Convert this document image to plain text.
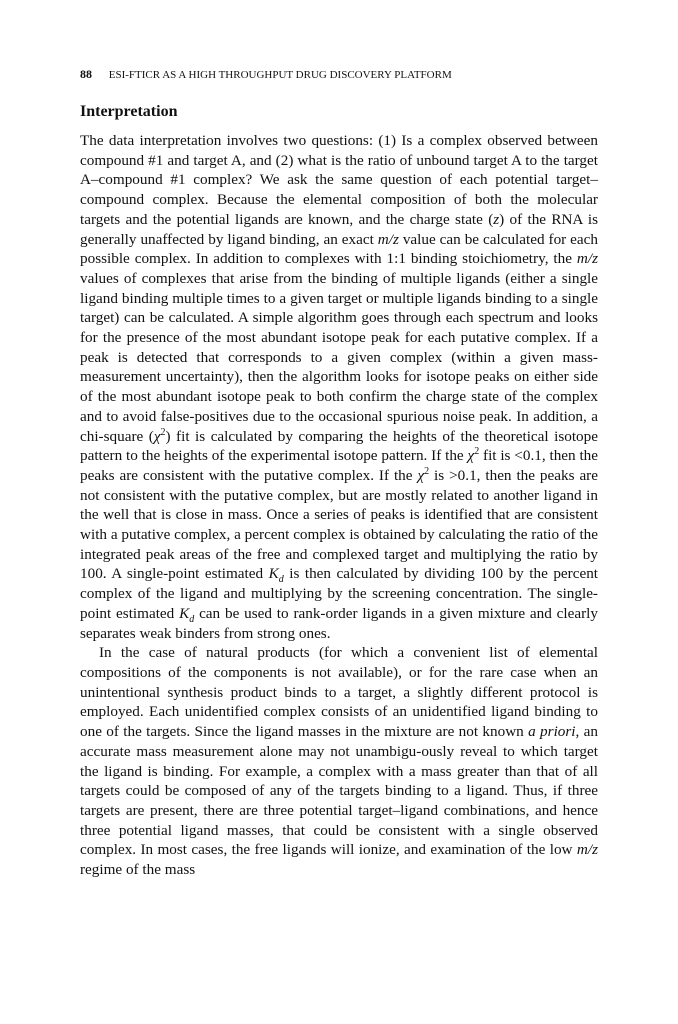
88 ESI-FTICR AS A HIGH THROUGHPUT DRUG DISCOVERY PLATFORM
Interpretation

The data interpretation involves two questions: (1) Is a complex observed between compound #1 and target A, and (2) what is the ratio of unbound target A to the target A–compound #1 complex? We ask the same question of each potential target–compound complex. Because the elemental composition of both the molecular targets and the potential ligands are known, and the charge state (z) of the RNA is generally unaffected by ligand binding, an exact m/z value can be calculated for each possible complex. In addition to complexes with 1:1 binding stoichiometry, the m/z values of complexes that arise from the binding of multiple ligands (either a single ligand binding multiple times to a given target or multiple ligands binding to a single target) can be calculated. A simple algorithm goes through each spectrum and looks for the presence of the most abundant isotope peak for each putative complex. If a peak is detected that corresponds to a given complex (within a given mass-measurement uncertainty), then the algorithm looks for isotope peaks on either side of the most abundant isotope peak to both confirm the charge state of the complex and to avoid false-positives due to the occasional spurious noise peak. In addition, a chi-square $(\chi^2)$ fit is calculated by comparing the heights of the theoretical isotope pattern to the heights of the experimental isotope pattern. If the $\chi^2$ fit is <0.1, then the peaks are consistent with the putative complex. If the $\chi^2$ is >0.1, then the peaks are not consistent with the putative complex, but are mostly related to another ligand in the well that is close in mass. Once a series of peaks is identified that are consistent with a putative complex, a percent complex is obtained by calculating the ratio of the integrated peak areas of the free and complexed target and multiplying the ratio by 100. A single-point estimated $K_d$ is then calculated by dividing 100 by the percent complex of the ligand and multiplying by the screening concentration. The single-point estimated $K_d$ can be used to rank-order ligands in a given mixture and clearly separates weak binders from strong ones.

In the case of natural products (for which a convenient list of elemental compositions of the components is not available), or for the rare case when an unintentional synthesis product binds to a target, a slightly different protocol is employed. Each unidentified complex consists of an unidentified ligand binding to one of the targets. Since the ligand masses in the mixture are not known a priori, an accurate mass measurement alone may not unambigu-ously reveal to which target the ligand is binding. For example, a complex with a mass greater than that of all targets could be composed of any of the targets binding to a ligand. Thus, if three targets are present, there are three potential target–ligand combinations, and hence three potential ligand masses, that could be consistent with a single observed complex. In most cases, the free ligands will ionize, and examination of the low m/z regime of the mass
